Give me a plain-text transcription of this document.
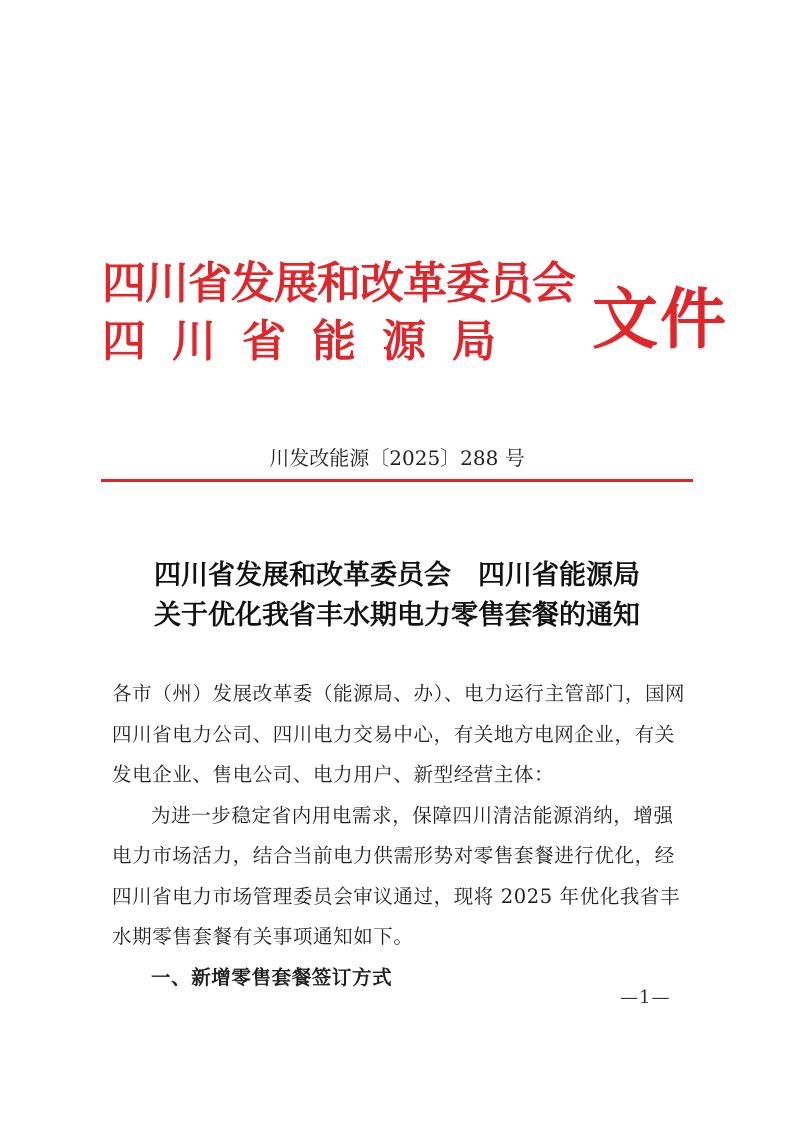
四川省发展和改革委员会
四川省能源局	文件
川发改能源〔2025〕288 号
四川省发展和改革委员会　四川省能源局
关于优化我省丰水期电力零售套餐的通知

各市（州）发展改革委（能源局、办）、电力运行主管部门，国网四川省电力公司、四川电力交易中心，有关地方电网企业，有关发电企业、售电公司、电力用户、新型经营主体：

为进一步稳定省内用电需求，保障四川清洁能源消纳，增强电力市场活力，结合当前电力供需形势对零售套餐进行优化，经四川省电力市场管理委员会审议通过，现将 2025 年优化我省丰水期零售套餐有关事项通知如下。

一、新增零售套餐签订方式

—1—
